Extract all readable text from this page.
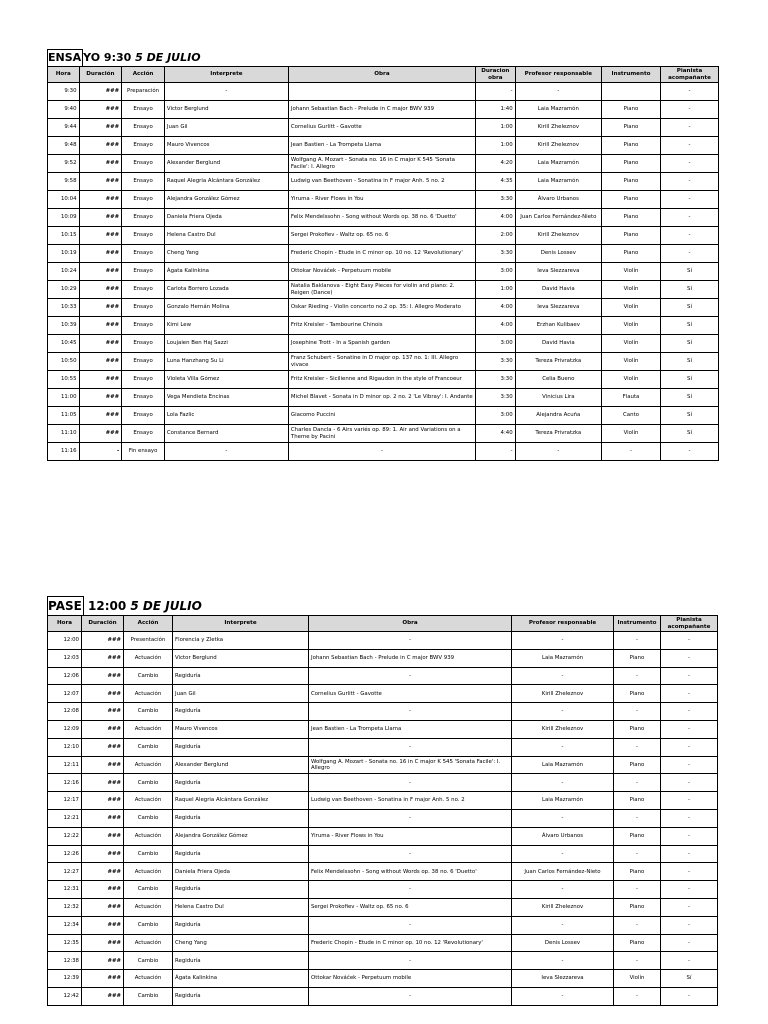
ENSA YO 9:30 5 DE JULIO
Hora	Duración	Acción	Interprete	Obra	Duracion obra	Profesor responsable	Instrumento	Pianista acompañante
9:30	###	Preparación	-		-	-		-
9:40	###	Ensayo	Victor Berglund	Johann Sebastian Bach - Prelude in C major BWV 939	1:40	Laia Mazramón	Piano	-
9:44	###	Ensayo	Juan Gil	Cornelius Gurlitt - Gavotte	1:00	Kirill Zheleznov	Piano	-
9:48	###	Ensayo	Mauro Vivencos	Jean Bastien - La Trompeta Llama	1:00	Kirill Zheleznov	Piano	-
9:52	###	Ensayo	Alexander Berglund	Wolfgang A. Mozart - Sonata no. 16 in C major K 545 'Sonata Facile': I. Allegro	4:20	Laia Mazramón	Piano	-
9:58	###	Ensayo	Raquel Alegria Alcántara González	Ludwig van Beethoven - Sonatina in F major Anh. 5 no. 2	4:35	Laia Mazramón	Piano	-
10:04	###	Ensayo	Alejandra González Gómez	Yiruma - River Flows in You	3:30	Álvaro Urbanos	Piano	-
10:09	###	Ensayo	Daniela Friera Ojeda	Felix Mendelssohn - Song without Words op. 38 no. 6 'Duetto'	4:00	Juan Carlos Fernández-Nieto	Piano	-
10:15	###	Ensayo	Helena Castro Dul	Sergei Prokofiev - Waltz op. 65 no. 6	2:00	Kirill Zheleznov	Piano	-
10:19	###	Ensayo	Cheng Yang	Frederic Chopin - Etude in C minor op. 10 no. 12 'Revolutionary'	3:30	Denis Lossev	Piano	-
10:24	###	Ensayo	Ágata Kalinkina	Ottokar Nováček - Perpetuum mobile	3:00	Ieva Slezzareva	Violín	Sí
10:29	###	Ensayo	Carlota Borrero Lozada	Natalia Baklanova - Eight Easy Pieces for violin and piano: 2. Reigen (Dance)	1:00	David Havia	Violín	Sí
10:33	###	Ensayo	Gonzalo Hernán Molina	Oskar Rieding - Violin concerto no.2 op. 35: I. Allegro Moderato	4:00	Ieva Slezzareva	Violín	Sí
10:39	###	Ensayo	Kimi Lew	Fritz Kreisler - Tambourine Chinois	4:00	Erzhan Kulibaev	Violín	Sí
10:45	###	Ensayo	Loujaien Ben Haj Sazzi	Josephine Trott - In a Spanish garden	3:00	David Havia	Violín	Sí
10:50	###	Ensayo	Luna Hanzhang Su Li	Franz Schubert - Sonatine in D major op. 137 no. 1: III. Allegro vivace	3:30	Tereza Privratzka	Violín	Sí
10:55	###	Ensayo	Violeta Villa Gómez	Fritz Kreisler - Sicilienne and Rigaudon in the style of Francoeur	3:30	Celia Bueno	Violín	Sí
11:00	###	Ensayo	Vega Mendieta Encinas	Michel Blavet - Sonata in D minor op. 2 no. 2 'Le Vibray': I. Andante	3:30	Vinicius Lira	Flauta	Sí
11:05	###	Ensayo	Lola Fazlic	Giacomo Puccini	3:00	Alejandra Acuña	Canto	Sí
11:10	###	Ensayo	Constance Bernard	Charles Dancla - 6 Airs variés op. 89: 1. Air and Variations on a Theme by Pacini	4:40	Tereza Privratzka	Violín	Sí
11:16	-	Fin ensayo	-	-	-	-	-	-
PASE 12:00 5 DE JULIO
Hora	Duración	Acción	Interprete	Obra	Profesor responsable	Instrumento	Pianista acompañante
12:00	###	Presentación	Florencia y Zletka	-	-	-	-
12:03	###	Actuación	Victor Berglund	Johann Sebastian Bach - Prelude in C major BWV 939	Laia Mazramón	Piano	-
12:06	###	Cambio	Regiduría	-	-	-	-
12:07	###	Actuación	Juan Gil	Cornelius Gurlitt - Gavotte	Kirill Zheleznov	Piano	-
12:08	###	Cambio	Regiduría	-	-	-	-
12:09	###	Actuación	Mauro Vivencos	Jean Bastien - La Trompeta Llama	Kirill Zheleznov	Piano	-
12:10	###	Cambio	Regiduría	-	-	-	-
12:11	###	Actuación	Alexander Berglund	Wolfgang A. Mozart - Sonata no. 16 in C major K 545 'Sonata Facile': I. Allegro	Laia Mazramón	Piano	-
12:16	###	Cambio	Regiduría	-	-	-	-
12:17	###	Actuación	Raquel Alegria Alcántara González	Ludwig van Beethoven - Sonatina in F major Anh. 5 no. 2	Laia Mazramón	Piano	-
12:21	###	Cambio	Regiduría	-	-	-	-
12:22	###	Actuación	Alejandra González Gómez	Yiruma - River Flows in You	Álvaro Urbanos	Piano	-
12:26	###	Cambio	Regiduría	-	-	-	-
12:27	###	Actuación	Daniela Friera Ojeda	Felix Mendelssohn - Song without Words op. 38 no. 6 'Duetto'	Juan Carlos Fernández-Nieto	Piano	-
12:31	###	Cambio	Regiduría	-	-	-	-
12:32	###	Actuación	Helena Castro Dul	Sergei Prokofiev - Waltz op. 65 no. 6	Kirill Zheleznov	Piano	-
12:34	###	Cambio	Regiduría	-	-	-	-
12:35	###	Actuación	Cheng Yang	Frederic Chopin - Etude in C minor op. 10 no. 12 'Revolutionary'	Denis Lossev	Piano	-
12:38	###	Cambio	Regiduría	-	-	-	-
12:39	###	Actuación	Ágata Kalinkina	Ottokar Nováček - Perpetuum mobile	Ieva Slezzareva	Violín	Sí
12:42	###	Cambio	Regiduría	-	-	-	-
